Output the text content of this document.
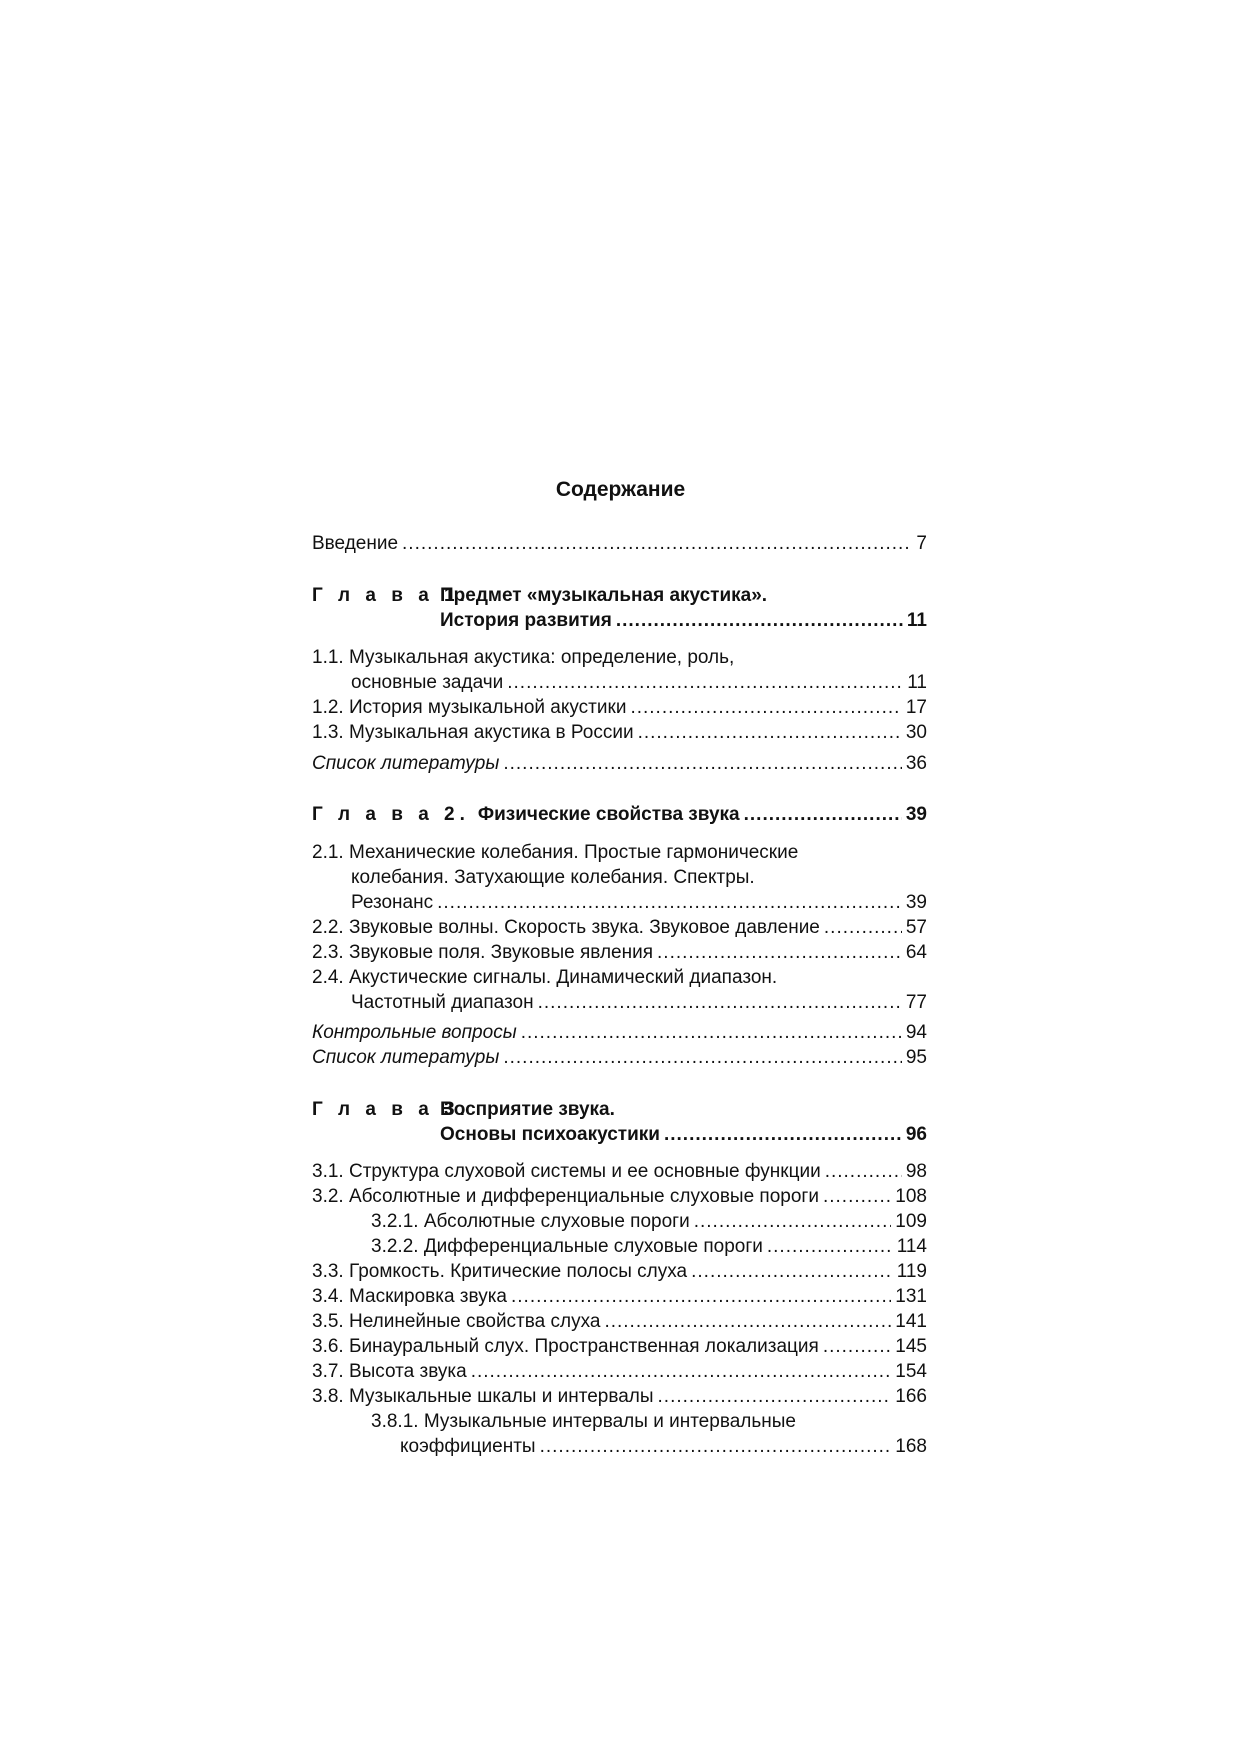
Содержание
Введение .....	7
Г л а в а 1.
Предмет «музыкальная акустика».
История развития .....	11
1.1. Музыкальная акустика: определение, роль,
основные задачи .....	11
1.2. История музыкальной акустики .....	17
1.3. Музыкальная акустика в России .....	30
Список литературы .....	36
Г л а в а 2. Физические свойства звука .....	39
2.1. Механические колебания. Простые гармонические
колебания. Затухающие колебания. Спектры.
Резонанс .....	39
2.2. Звуковые волны. Скорость звука. Звуковое давление .....	57
2.3. Звуковые поля. Звуковые явления .....	64
2.4. Акустические сигналы. Динамический диапазон.
Частотный диапазон .....	77
Контрольные вопросы .....	94
Список литературы .....	95
Г л а в а 3.
Восприятие звука.
Основы психоакустики .....	96
3.1. Структура слуховой системы и ее основные функции .....	98
3.2. Абсолютные и дифференциальные слуховые пороги .....	108
3.2.1. Абсолютные слуховые пороги .....	109
3.2.2. Дифференциальные слуховые пороги .....	114
3.3. Громкость. Критические полосы слуха .....	119
3.4. Маскировка звука .....	131
3.5. Нелинейные свойства слуха .....	141
3.6. Бинауральный слух. Пространственная локализация .....	145
3.7. Высота звука .....	154
3.8. Музыкальные шкалы и интервалы .....	166
3.8.1. Музыкальные интервалы и интервальные
коэффициенты .....	168
